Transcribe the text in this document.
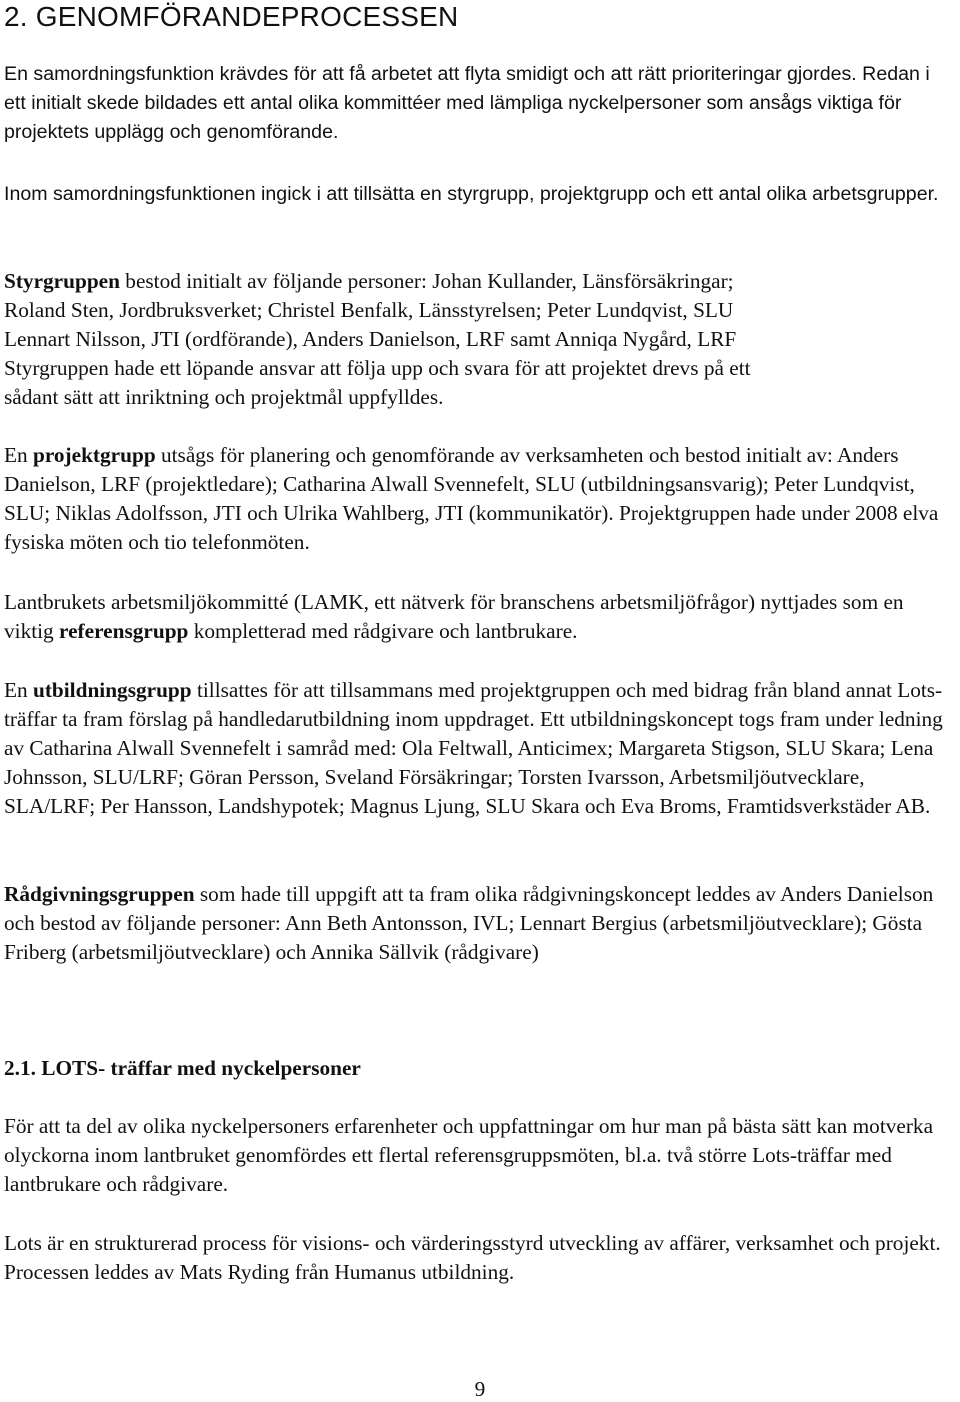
2. GENOMFÖRANDEPROCESSEN

En samordningsfunktion krävdes för att få arbetet att flyta smidigt och att rätt prioriteringar gjordes. Redan i ett initialt skede bildades ett antal olika kommittéer med lämpliga nyckelpersoner som ansågs viktiga för projektets upplägg och genomförande.

Inom samordningsfunktionen ingick i att tillsätta en styrgrupp, projektgrupp och ett antal olika arbetsgrupper.

Styrgruppen bestod initialt av följande personer: Johan Kullander, Länsförsäkringar;
Roland Sten, Jordbruksverket; Christel Benfalk, Länsstyrelsen; Peter Lundqvist, SLU
Lennart Nilsson, JTI (ordförande), Anders Danielson, LRF samt Anniqa Nygård, LRF
Styrgruppen hade ett löpande ansvar att följa upp och svara för att projektet drevs på ett
sådant sätt att inriktning och projektmål uppfylldes.

En projektgrupp utsågs för planering och genomförande av verksamheten och bestod initialt av: Anders Danielson, LRF (projektledare); Catharina Alwall Svennefelt, SLU (utbildningsansvarig); Peter Lundqvist, SLU; Niklas Adolfsson, JTI och Ulrika Wahlberg, JTI (kommunikatör). Projektgruppen hade under 2008 elva fysiska möten och tio telefonmöten.

Lantbrukets arbetsmiljökommitté (LAMK, ett nätverk för branschens arbetsmiljöfrågor) nyttjades som en viktig referensgrupp kompletterad med rådgivare och lantbrukare.

En utbildningsgrupp tillsattes för att tillsammans med projektgruppen och med bidrag från bland annat Lots-träffar ta fram förslag på handledarutbildning inom uppdraget. Ett utbildningskoncept togs fram under ledning av Catharina Alwall Svennefelt i samråd med: Ola Feltwall, Anticimex; Margareta Stigson, SLU Skara; Lena Johnsson, SLU/LRF; Göran Persson, Sveland Försäkringar; Torsten Ivarsson, Arbetsmiljöutvecklare, SLA/LRF; Per Hansson, Landshypotek; Magnus Ljung, SLU Skara och Eva Broms, Framtidsverkstäder AB.

Rådgivningsgruppen som hade till uppgift att ta fram olika rådgivningskoncept leddes av Anders Danielson och bestod av följande personer: Ann Beth Antonsson, IVL; Lennart Bergius (arbetsmiljöutvecklare); Gösta Friberg (arbetsmiljöutvecklare) och Annika Sällvik (rådgivare)

2.1. LOTS- träffar med nyckelpersoner

För att ta del av olika nyckelpersoners erfarenheter och uppfattningar om hur man på bästa sätt kan motverka olyckorna inom lantbruket genomfördes ett flertal referensgruppsmöten, bl.a. två större Lots-träffar med lantbrukare och rådgivare.

Lots är en strukturerad process för visions- och värderingsstyrd utveckling av affärer, verksamhet och projekt. Processen leddes av Mats Ryding från Humanus utbildning.

9
